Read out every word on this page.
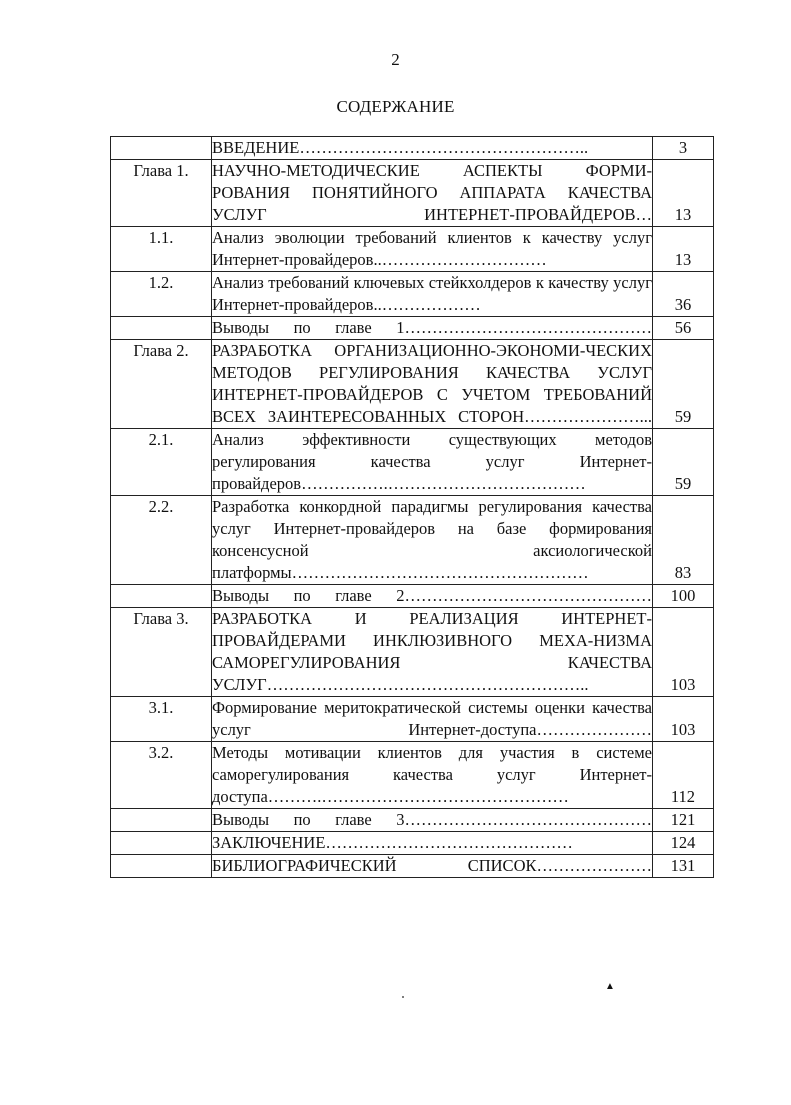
2
СОДЕРЖАНИЕ

	ВВЕДЕНИЕ……………………………………………..	3
Глава 1.	НАУЧНО-МЕТОДИЧЕСКИЕ АСПЕКТЫ ФОРМИ-РОВАНИЯ ПОНЯТИЙНОГО АППАРАТА КАЧЕСТВА УСЛУГ ИНТЕРНЕТ-ПРОВАЙДЕРОВ…	13
1.1.	Анализ эволюции требований клиентов к качеству услуг Интернет-провайдеров..…………………………	13
1.2.	Анализ требований ключевых стейкхолдеров к качеству услуг Интернет-провайдеров..………………	36

	Выводы по главе 1………………………………………	56
Глава 2.	РАЗРАБОТКА ОРГАНИЗАЦИОННО-ЭКОНОМИ-ЧЕСКИХ МЕТОДОВ РЕГУЛИРОВАНИЯ КАЧЕСТВА УСЛУГ ИНТЕРНЕТ-ПРОВАЙДЕРОВ С УЧЕТОМ ТРЕБОВАНИЙ ВСЕХ ЗАИНТЕРЕСОВАННЫХ СТОРОН…………………...	59
2.1.	Анализ эффективности существующих методов регулирования качества услуг Интернет-провайдеров…………….………………………………	59
2.2.	Разработка конкордной парадигмы регулирования качества услуг Интернет-провайдеров на базе формирования консенсусной аксиологической платформы………………………………………………	83

	Выводы по главе 2………………………………………	100
Глава 3.	РАЗРАБОТКА И РЕАЛИЗАЦИЯ ИНТЕРНЕТ-ПРОВАЙДЕРАМИ ИНКЛЮЗИВНОГО МЕХА-НИЗМА САМОРЕГУЛИРОВАНИЯ КАЧЕСТВА УСЛУГ…………………………………………………..	103
3.1.	Формирование меритократической системы оценки качества услуг Интернет-доступа…………………	103
3.2.	Методы мотивации клиентов для участия в системе саморегулирования качества услуг Интернет-доступа……….………………………………………	112

	Выводы по главе 3………………………………………	121

	ЗАКЛЮЧЕНИЕ………………………………………	124

	БИБЛИОГРАФИЧЕСКИЙ СПИСОК…………………	131
▲
